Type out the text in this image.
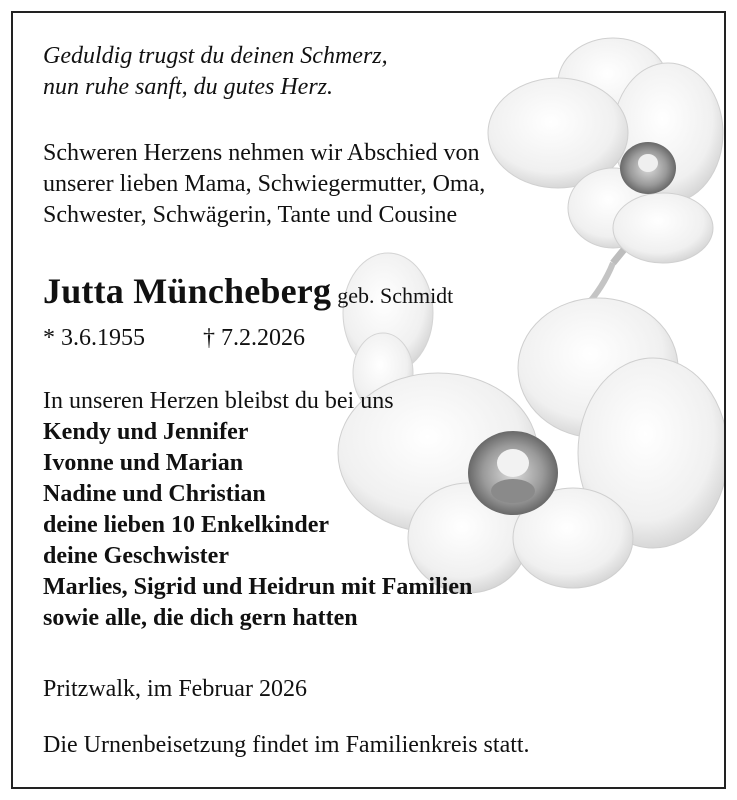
Geduldig trugst du deinen Schmerz,
nun ruhe sanft, du gutes Herz.

Schweren Herzens nehmen wir Abschied von
unserer lieben Mama, Schwiegermutter, Oma,
Schwester, Schwägerin, Tante und Cousine

Jutta Müncheberg geb. Schmidt

* 3.6.1955 † 7.2.2026

In unseren Herzen bleibst du bei uns
Kendy und Jennifer
Ivonne und Marian
Nadine und Christian
deine lieben 10 Enkelkinder
deine Geschwister
Marlies, Sigrid und Heidrun mit Familien
sowie alle, die dich gern hatten

Pritzwalk, im Februar 2026

Die Urnenbeisetzung findet im Familienkreis statt.
